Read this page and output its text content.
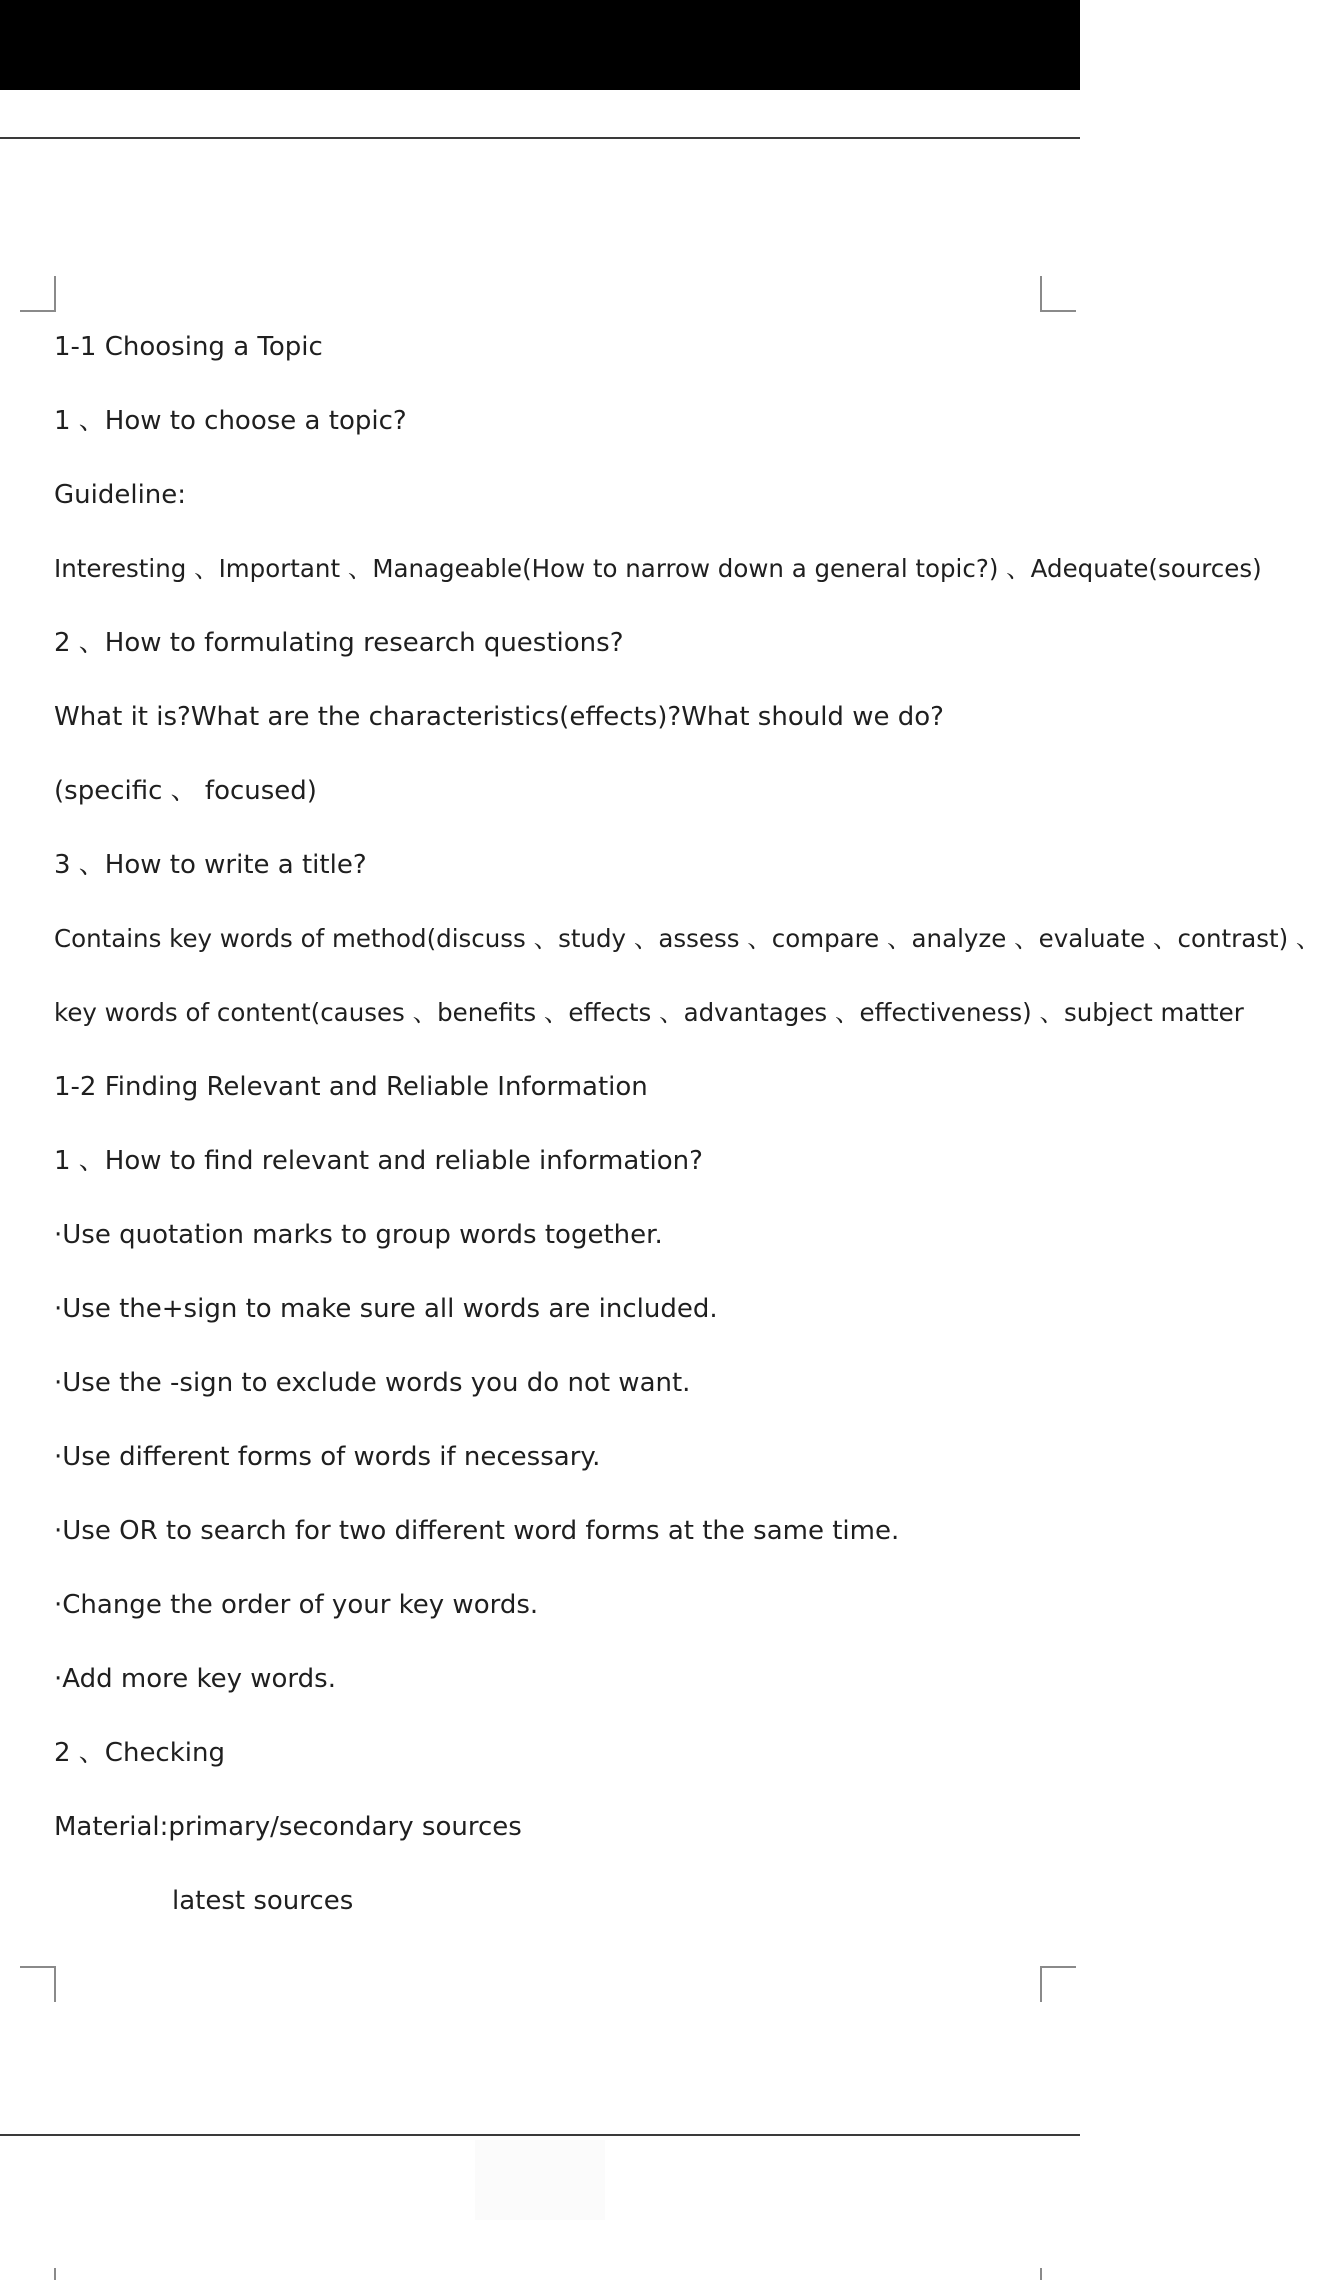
1-1 Choosing a Topic
1 、How to choose a topic?
Guideline:
Interesting 、Important 、Manageable(How to narrow down a general topic?) 、Adequate(sources)
2 、How to formulating research questions?
What it is?What are the characteristics(effects)?What should we do?
(specific 、 focused)
3 、How to write a title?
Contains key words of method(discuss 、study 、assess 、compare 、analyze 、evaluate 、contrast) 、
key words of content(causes 、benefits 、effects 、advantages 、effectiveness) 、subject matter
1-2 Finding Relevant and Reliable Information
1 、How to find relevant and reliable information?
·Use quotation marks to group words together.
·Use the+sign to make sure all words are included.
·Use the -sign to exclude words you do not want.
·Use different forms of words if necessary.
·Use OR to search for two different word forms at the same time.
·Change the order of your key words.
·Add more key words.
2 、Checking
Material:primary/secondary sources
latest sources
